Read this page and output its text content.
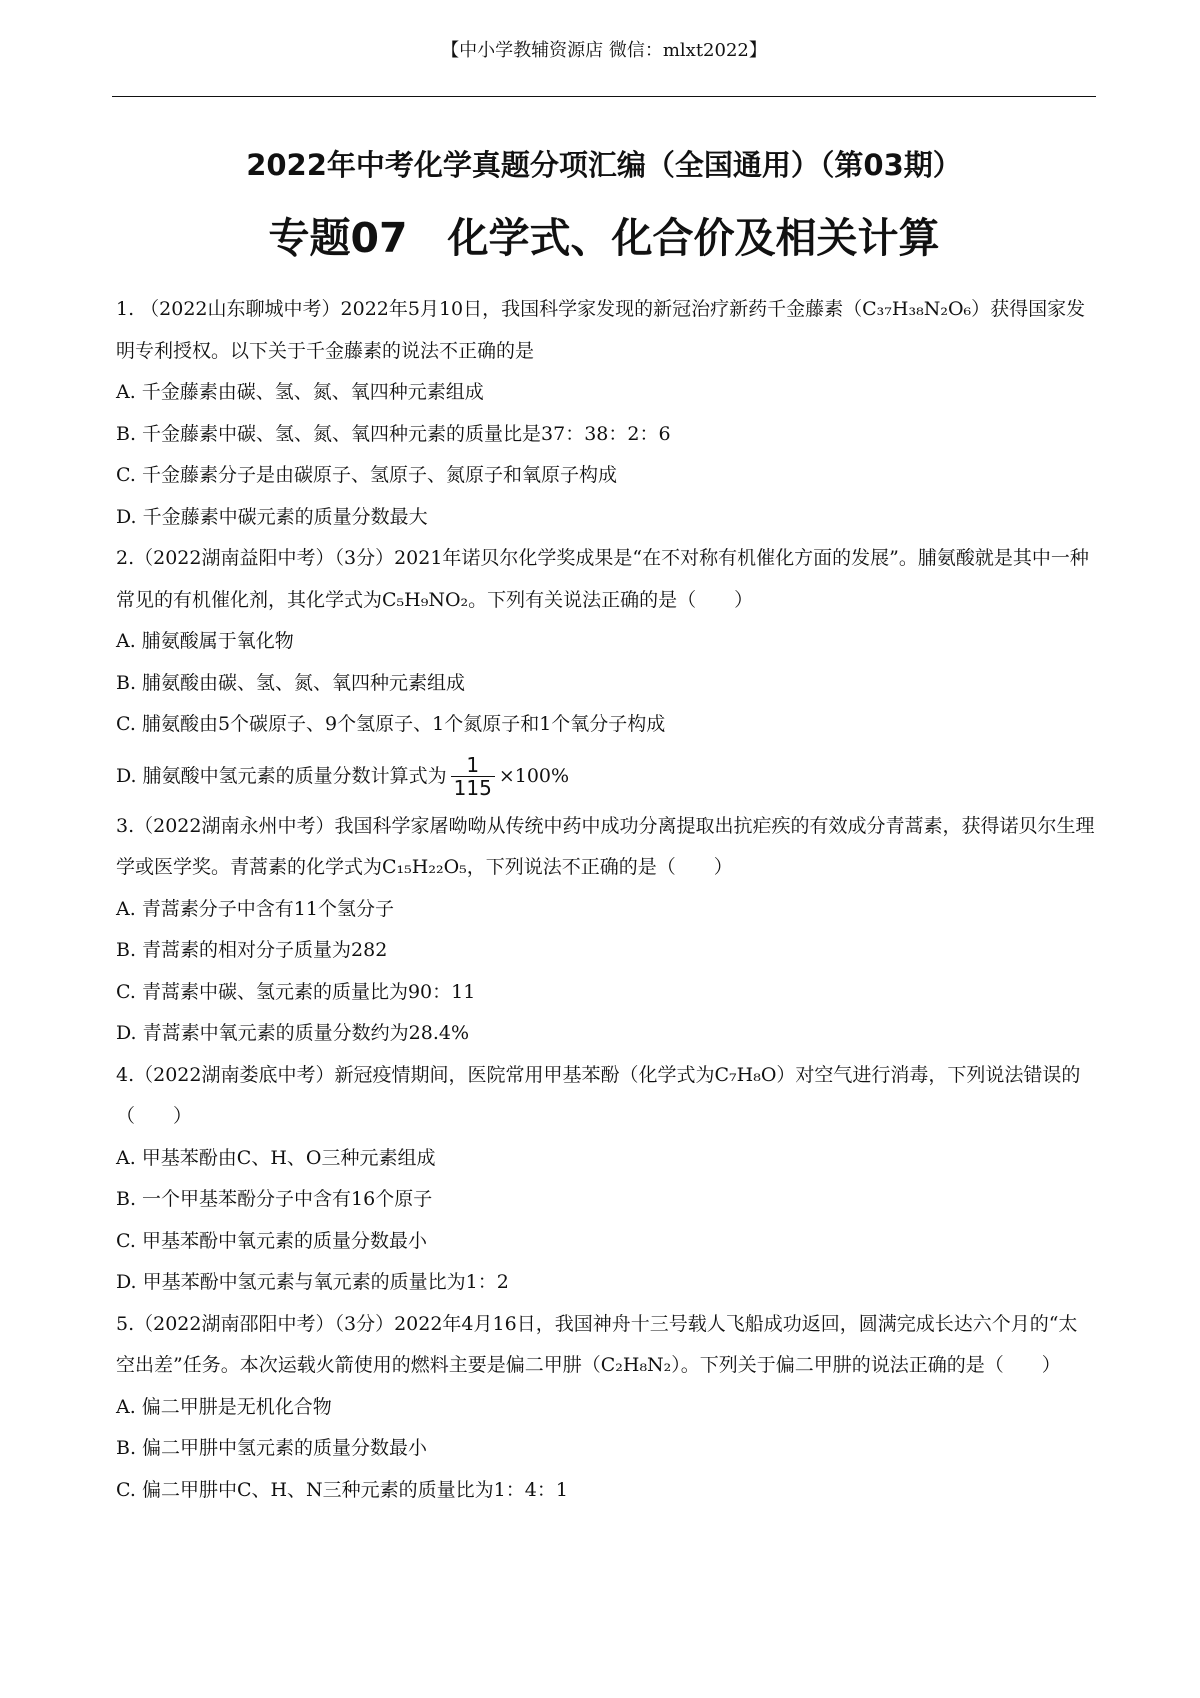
【中小学教辅资源店 微信：mlxt2022】
2022年中考化学真题分项汇编（全国通用）（第03期）
专题07 化学式、化合价及相关计算

1. （2022山东聊城中考）2022年5月10日，我国科学家发现的新冠治疗新药千金藤素（C₃₇H₃₈N₂O₆）获得国家发明专利授权。以下关于千金藤素的说法不正确的是

A. 千金藤素由碳、氢、氮、氧四种元素组成

B. 千金藤素中碳、氢、氮、氧四种元素的质量比是37：38：2：6

C. 千金藤素分子是由碳原子、氢原子、氮原子和氧原子构成

D. 千金藤素中碳元素的质量分数最大

2.（2022湖南益阳中考）（3分）2021年诺贝尔化学奖成果是“在不对称有机催化方面的发展”。脯氨酸就是其中一种常见的有机催化剂，其化学式为C₅H₉NO₂。下列有关说法正确的是（　　）

A. 脯氨酸属于氧化物

B. 脯氨酸由碳、氢、氮、氧四种元素组成

C. 脯氨酸由5个碳原子、9个氢原子、1个氮原子和1个氧分子构成

D. 脯氨酸中氢元素的质量分数计算式为 $\frac{1}{115} \times 100\%$

3.（2022湖南永州中考）我国科学家屠呦呦从传统中药中成功分离提取出抗疟疾的有效成分青蒿素，获得诺贝尔生理学或医学奖。青蒿素的化学式为C₁₅H₂₂O₅，下列说法不正确的是（　　）

A. 青蒿素分子中含有11个氢分子

B. 青蒿素的相对分子质量为282

C. 青蒿素中碳、氢元素的质量比为90：11

D. 青蒿素中氧元素的质量分数约为28.4%

4.（2022湖南娄底中考）新冠疫情期间，医院常用甲基苯酚（化学式为C₇H₈O）对空气进行消毒，下列说法错误的（　　）

A. 甲基苯酚由C、H、O三种元素组成

B. 一个甲基苯酚分子中含有16个原子

C. 甲基苯酚中氧元素的质量分数最小

D. 甲基苯酚中氢元素与氧元素的质量比为1：2

5.（2022湖南邵阳中考）（3分）2022年4月16日，我国神舟十三号载人飞船成功返回，圆满完成长达六个月的“太空出差”任务。本次运载火箭使用的燃料主要是偏二甲肼（C₂H₈N₂）。下列关于偏二甲肼的说法正确的是（　　）

A. 偏二甲肼是无机化合物

B. 偏二甲肼中氢元素的质量分数最小

C. 偏二甲肼中C、H、N三种元素的质量比为1：4：1
